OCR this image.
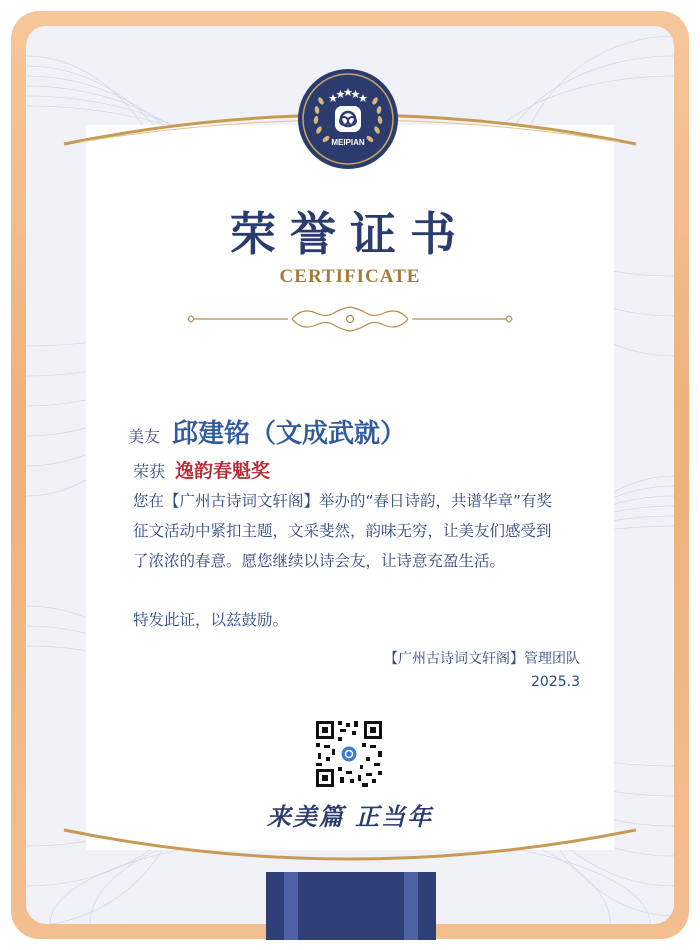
MEIPIAN
荣誉证书
CERTIFICATE
美友 邱建铭（文成武就）
荣获 逸韵春魁奖
您在【广州古诗词文轩阁】举办的“春日诗韵，共谱华章”有奖征文活动中紧扣主题，文采斐然，韵味无穷，让美友们感受到了浓浓的春意。愿您继续以诗会友，让诗意充盈生活。
特发此证，以兹鼓励。
【广州古诗词文轩阁】管理团队
2025.3
来美篇 正当年
